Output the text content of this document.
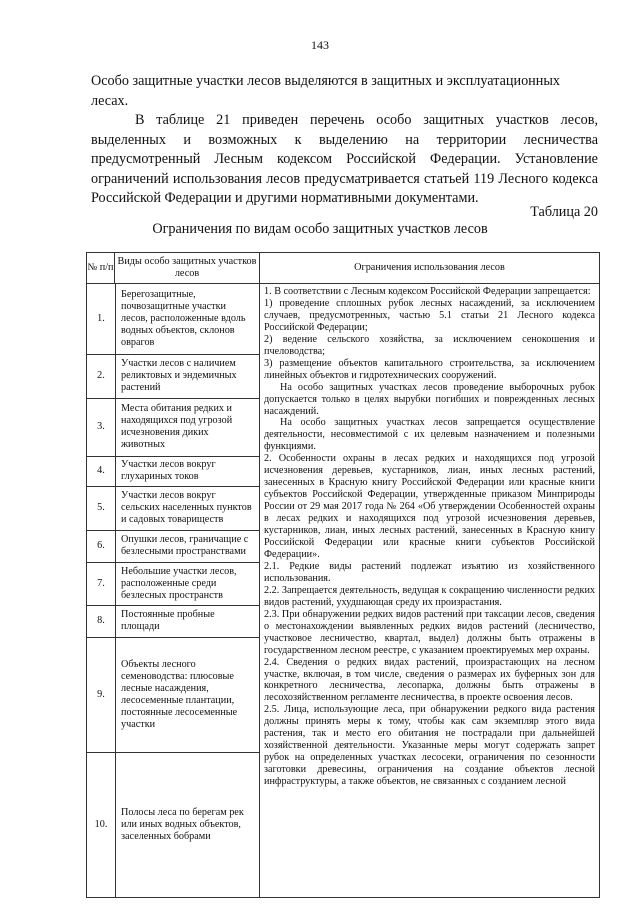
143
Особо защитные участки лесов выделяются в защитных и эксплуатационных лесах.
В таблице 21 приведен перечень особо защитных участков лесов, выделенных и возможных к выделению на территории лесничества предусмотренный Лесным кодексом Российской Федерации. Установление ограничений использования лесов предусматривается статьей 119 Лесного кодекса Российской Федерации и другими нормативными документами.
Таблица 20
Ограничения по видам особо защитных участков лесов
№ п/п	Виды особо защитных участков лесов	Ограничения использования лесов

1.	Берегозащитные, почвозащитные участки лесов, расположенные вдоль водных объектов, склонов оврагов
2.	Участки лесов с наличием реликтовых и эндемичных растений
3.	Места обитания редких и находящихся под угрозой исчезновения диких животных
4.	Участки лесов вокруг глухариных токов
5.	Участки лесов вокруг сельских населенных пунктов и садовых товариществ
6.	Опушки лесов, граничащие с безлесными пространствами
7.	Небольшие участки лесов, расположенные среди безлесных пространств
8.	Постоянные пробные площади
9.	Объекты лесного семеноводства: плюсовые лесные насаждения, лесосеменные плантации, постоянные лесосеменные участки
10.	Полосы леса по берегам рек или иных водных объектов, заселенных бобрами

1. В соответствии с Лесным кодексом Российской Федерации запрещается:

1) проведение сплошных рубок лесных насаждений, за исключением случаев, предусмотренных, частью 5.1 статьи 21 Лесного кодекса Российской Федерации;

2) ведение сельского хозяйства, за исключением сенокошения и пчеловодства;

3) размещение объектов капитального строительства, за исключением линейных объектов и гидротехнических сооружений.

На особо защитных участках лесов проведение выборочных рубок допускается только в целях вырубки погибших и поврежденных лесных насаждений.

На особо защитных участках лесов запрещается осуществление деятельности, несовместимой с их целевым назначением и полезными функциями.

2. Особенности охраны в лесах редких и находящихся под угрозой исчезновения деревьев, кустарников, лиан, иных лесных растений, занесенных в Красную книгу Российской Федерации или красные книги субъектов Российской Федерации, утвержденные приказом Минприроды России от 29 мая 2017 года № 264 «Об утверждении Особенностей охраны в лесах редких и находящихся под угрозой исчезновения деревьев, кустарников, лиан, иных лесных растений, занесенных в Красную книгу Российской Федерации или красные книги субъектов Российской Федерации».

2.1. Редкие виды растений подлежат изъятию из хозяйственного использования.

2.2. Запрещается деятельность, ведущая к сокращению численности редких видов растений, ухудшающая среду их произрастания.

2.3. При обнаружении редких видов растений при таксации лесов, сведения о местонахождении выявленных редких видов растений (лесничество, участковое лесничество, квартал, выдел) должны быть отражены в государственном лесном реестре, с указанием проектируемых мер охраны.

2.4. Сведения о редких видах растений, произрастающих на лесном участке, включая, в том числе, сведения о размерах их буферных зон для конкретного лесничества, лесопарка, должны быть отражены в лесохозяйственном регламенте лесничества, в проекте освоения лесов.

2.5. Лица, использующие леса, при обнаружении редкого вида растения должны принять меры к тому, чтобы как сам экземпляр этого вида растения, так и место его обитания не пострадали при дальнейшей хозяйственной деятельности. Указанные меры могут содержать запрет рубок на определенных участках лесосеки, ограничения по сезонности заготовки древесины, ограничения на создание объектов лесной инфраструктуры, а также объектов, не связанных с созданием лесной
